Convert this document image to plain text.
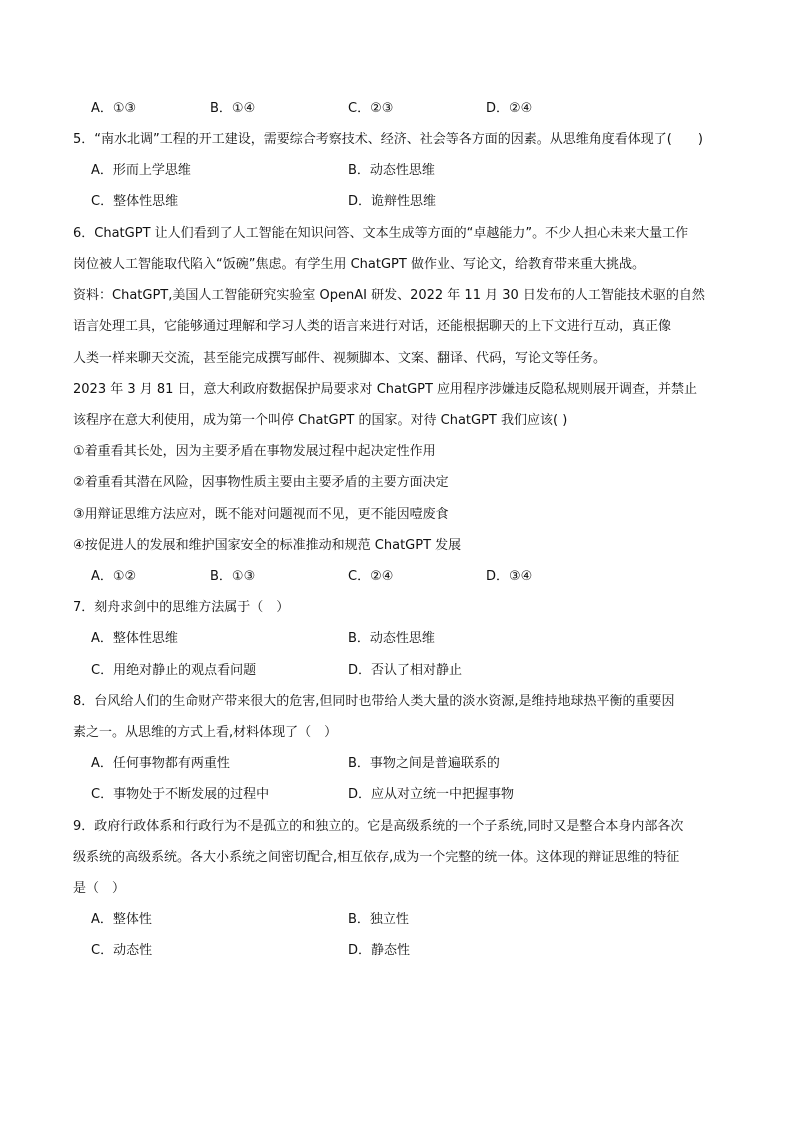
A．①③	B．①④	C．②③	D．②④
5．“南水北调”工程的开工建设，需要综合考察技术、经济、社会等各方面的因素。从思维角度看体现了(　　)
A．形而上学思维	B．动态性思维
C．整体性思维	D．诡辩性思维
6．ChatGPT 让人们看到了人工智能在知识问答、文本生成等方面的“卓越能力”。不少人担心未来大量工作
岗位被人工智能取代陷入“饭碗”焦虑。有学生用 ChatGPT 做作业、写论文，给教育带来重大挑战。
资料：ChatGPT,美国人工智能研究实验室 OpenAI 研发、2022 年 11 月 30 日发布的人工智能技术驱的自然
语言处理工具，它能够通过理解和学习人类的语言来进行对话，还能根据聊天的上下文进行互动，真正像
人类一样来聊天交流，甚至能完成撰写邮件、视频脚本、文案、翻译、代码，写论文等任务。
2023 年 3 月 81 日，意大利政府数据保护局要求对 ChatGPT 应用程序涉嫌违反隐私规则展开调查，并禁止
该程序在意大利使用，成为第一个叫停 ChatGPT 的国家。对待 ChatGPT 我们应该( )
①着重看其长处，因为主要矛盾在事物发展过程中起决定性作用
②着重看其潜在风险，因事物性质主要由主要矛盾的主要方面决定
③用辩证思维方法应对，既不能对问题视而不见，更不能因噎废食
④按促进人的发展和维护国家安全的标准推动和规范 ChatGPT 发展
A．①②	B．①③	C．②④	D．③④
7．刻舟求剑中的思维方法属于（　）
A．整体性思维	B．动态性思维
C．用绝对静止的观点看问题	D．否认了相对静止
8．台风给人们的生命财产带来很大的危害,但同时也带给人类大量的淡水资源,是维持地球热平衡的重要因
素之一。从思维的方式上看,材料体现了（　）
A．任何事物都有两重性	B．事物之间是普遍联系的
C．事物处于不断发展的过程中	D．应从对立统一中把握事物
9．政府行政体系和行政行为不是孤立的和独立的。它是高级系统的一个子系统,同时又是整合本身内部各次
级系统的高级系统。各大小系统之间密切配合,相互依存,成为一个完整的统一体。这体现的辩证思维的特征
是（　）
A．整体性	B．独立性
C．动态性	D．静态性
